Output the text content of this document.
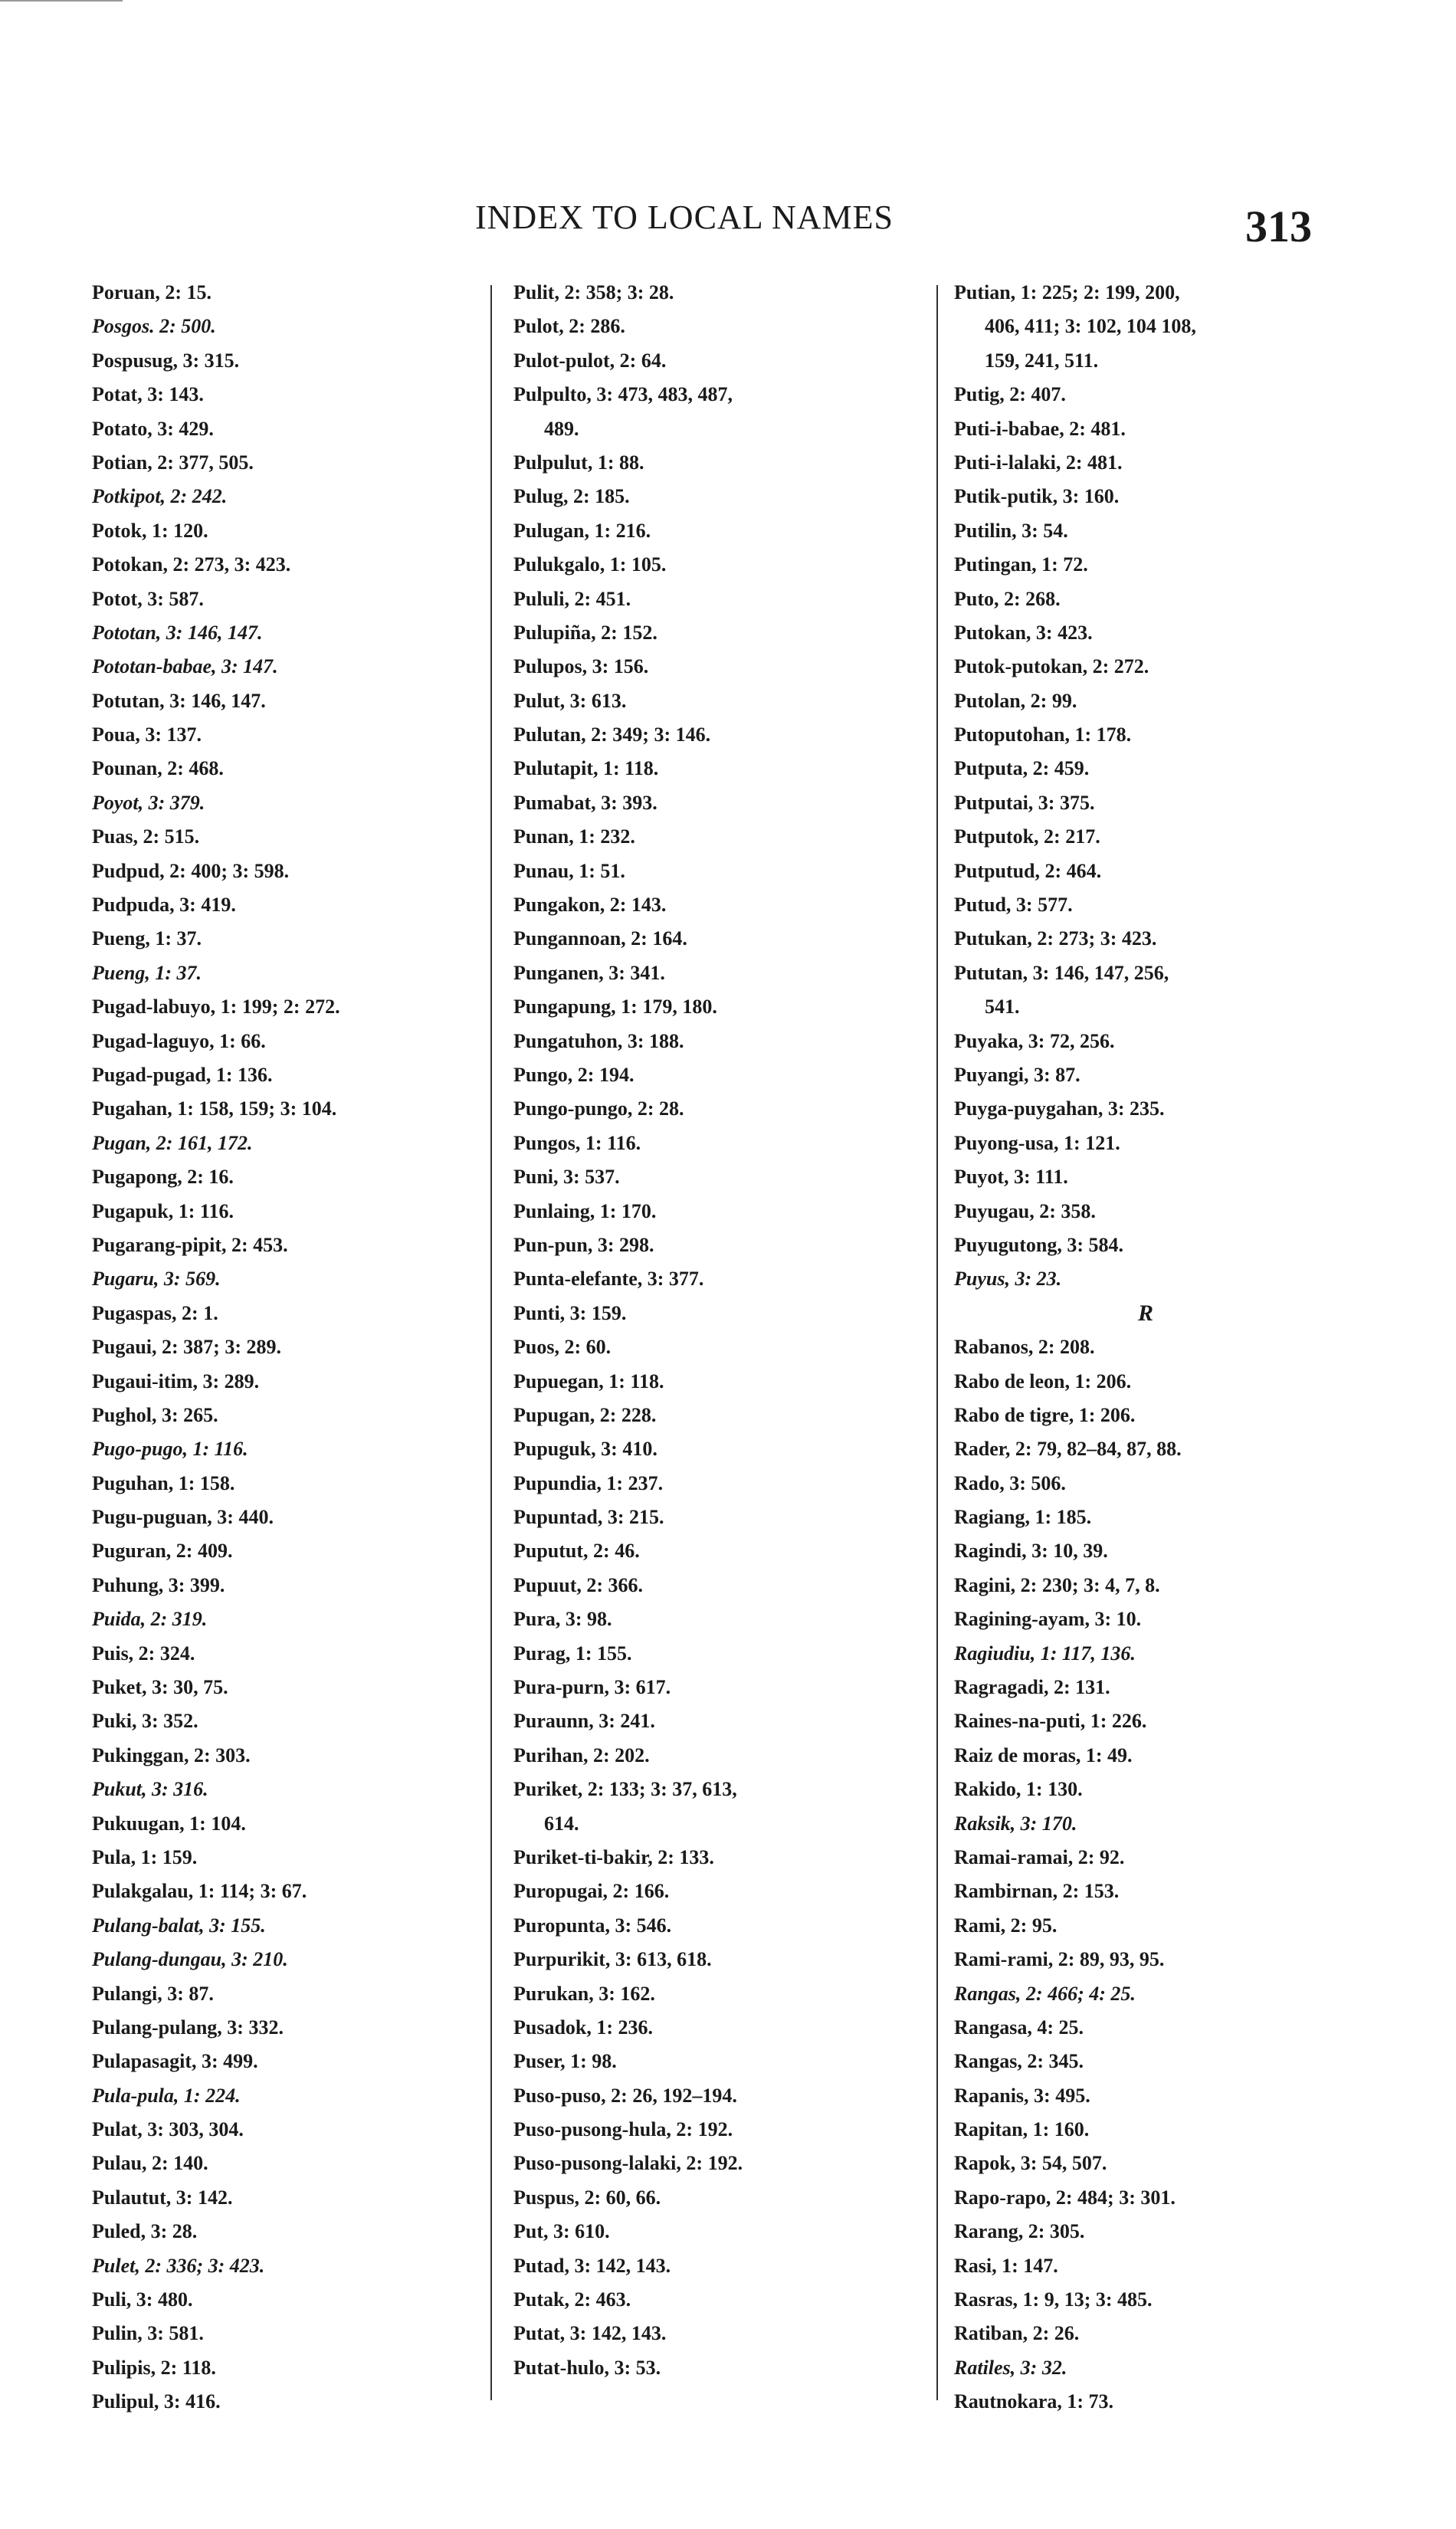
INDEX TO LOCAL NAMES	313
Poruan, 2: 15.
Posgos. 2: 500.
Pospusug, 3: 315.
Potat, 3: 143.
Potato, 3: 429.
Potian, 2: 377, 505.
Potkipot, 2: 242.
Potok, 1: 120.
Potokan, 2: 273, 3: 423.
Potot, 3: 587.
Pototan, 3: 146, 147.
Pototan-babae, 3: 147.
Potutan, 3: 146, 147.
Poua, 3: 137.
Pounan, 2: 468.
Poyot, 3: 379.
Puas, 2: 515.
Pudpud, 2: 400; 3: 598.
Pudpuda, 3: 419.
Pueng, 1: 37.
Pueng, 1: 37.
Pugad-labuyo, 1: 199; 2: 272.
Pugad-laguyo, 1: 66.
Pugad-pugad, 1: 136.
Pugahan, 1: 158, 159; 3: 104.
Pugan, 2: 161, 172.
Pugapong, 2: 16.
Pugapuk, 1: 116.
Pugarang-pipit, 2: 453.
Pugaru, 3: 569.
Pugaspas, 2: 1.
Pugaui, 2: 387; 3: 289.
Pugaui-itim, 3: 289.
Pughol, 3: 265.
Pugo-pugo, 1: 116.
Puguhan, 1: 158.
Pugu-puguan, 3: 440.
Puguran, 2: 409.
Puhung, 3: 399.
Puida, 2: 319.
Puis, 2: 324.
Puket, 3: 30, 75.
Puki, 3: 352.
Pukinggan, 2: 303.
Pukut, 3: 316.
Pukuugan, 1: 104.
Pula, 1: 159.
Pulakgalau, 1: 114; 3: 67.
Pulang-balat, 3: 155.
Pulang-dungau, 3: 210.
Pulangi, 3: 87.
Pulang-pulang, 3: 332.
Pulapasagit, 3: 499.
Pula-pula, 1: 224.
Pulat, 3: 303, 304.
Pulau, 2: 140.
Pulautut, 3: 142.
Puled, 3: 28.
Pulet, 2: 336; 3: 423.
Puli, 3: 480.
Pulin, 3: 581.
Pulipis, 2: 118.
Pulipul, 3: 416.
Pulit, 2: 358; 3: 28.
Pulot, 2: 286.
Pulot-pulot, 2: 64.
Pulpulto, 3: 473, 483, 487,
489.
Pulpulut, 1: 88.
Pulug, 2: 185.
Pulugan, 1: 216.
Pulukgalo, 1: 105.
Pululi, 2: 451.
Pulupiña, 2: 152.
Pulupos, 3: 156.
Pulut, 3: 613.
Pulutan, 2: 349; 3: 146.
Pulutapit, 1: 118.
Pumabat, 3: 393.
Punan, 1: 232.
Punau, 1: 51.
Pungakon, 2: 143.
Pungannoan, 2: 164.
Punganen, 3: 341.
Pungapung, 1: 179, 180.
Pungatuhon, 3: 188.
Pungo, 2: 194.
Pungo-pungo, 2: 28.
Pungos, 1: 116.
Puni, 3: 537.
Punlaing, 1: 170.
Pun-pun, 3: 298.
Punta-elefante, 3: 377.
Punti, 3: 159.
Puos, 2: 60.
Pupuegan, 1: 118.
Pupugan, 2: 228.
Pupuguk, 3: 410.
Pupundia, 1: 237.
Pupuntad, 3: 215.
Puputut, 2: 46.
Pupuut, 2: 366.
Pura, 3: 98.
Purag, 1: 155.
Pura-purn, 3: 617.
Puraunn, 3: 241.
Purihan, 2: 202.
Puriket, 2: 133; 3: 37, 613,
614.
Puriket-ti-bakir, 2: 133.
Puropugai, 2: 166.
Puropunta, 3: 546.
Purpurikit, 3: 613, 618.
Purukan, 3: 162.
Pusadok, 1: 236.
Puser, 1: 98.
Puso-puso, 2: 26, 192–194.
Puso-pusong-hula, 2: 192.
Puso-pusong-lalaki, 2: 192.
Puspus, 2: 60, 66.
Put, 3: 610.
Putad, 3: 142, 143.
Putak, 2: 463.
Putat, 3: 142, 143.
Putat-hulo, 3: 53.
Putian, 1: 225; 2: 199, 200,
406, 411; 3: 102, 104 108,
159, 241, 511.
Putig, 2: 407.
Puti-i-babae, 2: 481.
Puti-i-lalaki, 2: 481.
Putik-putik, 3: 160.
Putilin, 3: 54.
Putingan, 1: 72.
Puto, 2: 268.
Putokan, 3: 423.
Putok-putokan, 2: 272.
Putolan, 2: 99.
Putoputohan, 1: 178.
Putputa, 2: 459.
Putputai, 3: 375.
Putputok, 2: 217.
Putputud, 2: 464.
Putud, 3: 577.
Putukan, 2: 273; 3: 423.
Pututan, 3: 146, 147, 256,
541.
Puyaka, 3: 72, 256.
Puyangi, 3: 87.
Puyga-puygahan, 3: 235.
Puyong-usa, 1: 121.
Puyot, 3: 111.
Puyugau, 2: 358.
Puyugutong, 3: 584.
Puyus, 3: 23.
R
Rabanos, 2: 208.
Rabo de leon, 1: 206.
Rabo de tigre, 1: 206.
Rader, 2: 79, 82–84, 87, 88.
Rado, 3: 506.
Ragiang, 1: 185.
Ragindi, 3: 10, 39.
Ragini, 2: 230; 3: 4, 7, 8.
Ragining-ayam, 3: 10.
Ragiudiu, 1: 117, 136.
Ragragadi, 2: 131.
Raines-na-puti, 1: 226.
Raiz de moras, 1: 49.
Rakido, 1: 130.
Raksik, 3: 170.
Ramai-ramai, 2: 92.
Rambirnan, 2: 153.
Rami, 2: 95.
Rami-rami, 2: 89, 93, 95.
Rangas, 2: 466; 4: 25.
Rangasa, 4: 25.
Rangas, 2: 345.
Rapanis, 3: 495.
Rapitan, 1: 160.
Rapok, 3: 54, 507.
Rapo-rapo, 2: 484; 3: 301.
Rarang, 2: 305.
Rasi, 1: 147.
Rasras, 1: 9, 13; 3: 485.
Ratiban, 2: 26.
Ratiles, 3: 32.
Rautnokara, 1: 73.
